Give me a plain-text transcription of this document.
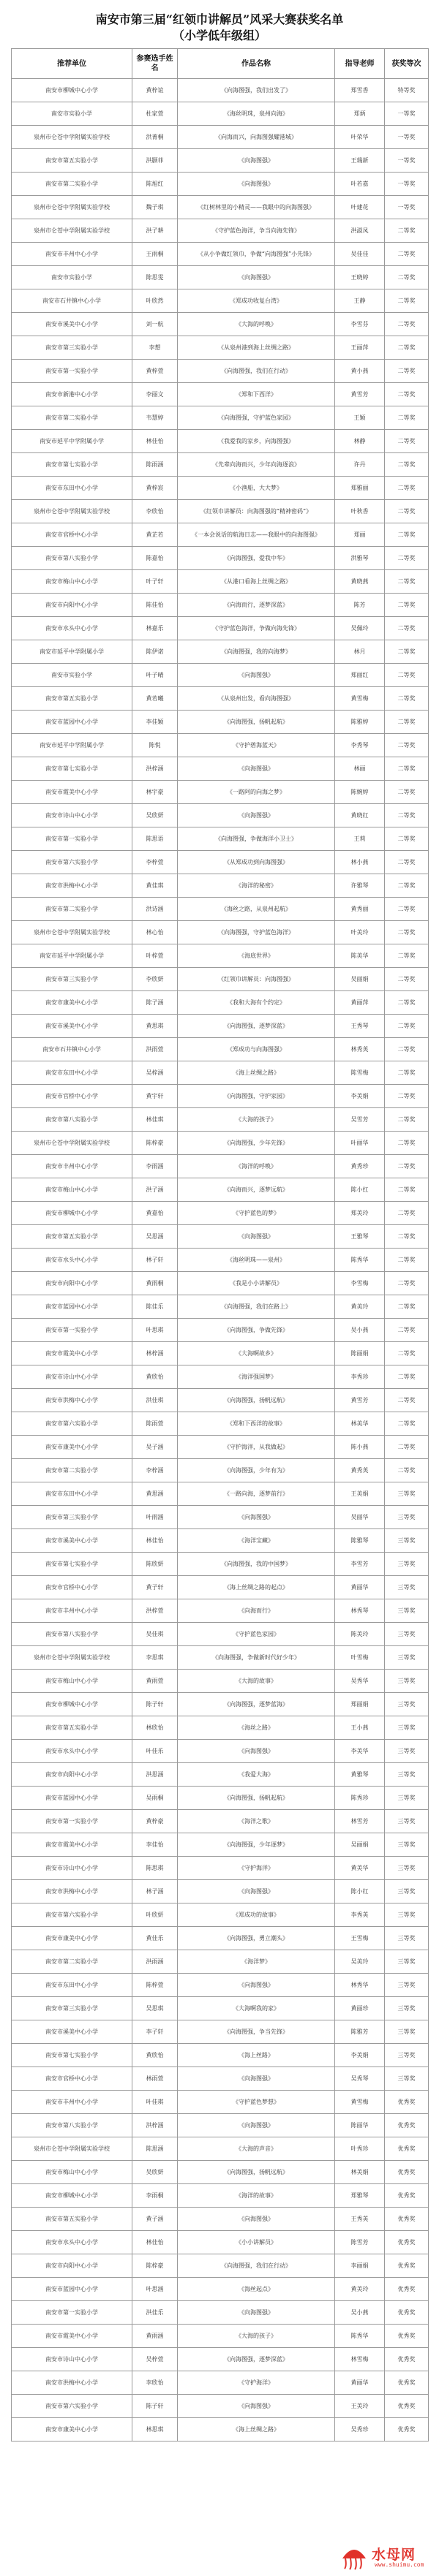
南安市第三届“红领巾讲解员”风采大赛获奖名单
（小学低年级组）
推荐单位	参赛选手姓名	作品名称	指导老师	获奖等次
南安市柳城中心小学	黄梓谊	《向海图强，我们出发了》	郑雪香	特等奖
南安市实验小学	杜家萱	《海丝明珠，泉州向海》	郑炳	一等奖
泉州市仑苍中学附属实验学校	洪菁桐	《向海而兴，向海图强耀港城》	叶荣华	一等奖
南安市第五实验小学	洪颢菲	《向海图强》	王瑞新	一等奖
南安市第二实验小学	陈旭红	《向海图强》	叶若嘉	一等奖
泉州市仑苍中学附属实验学校	魏子琪	《红树林里的小精灵——我眼中的向海图强》	叶建花	一等奖
泉州市仑苍中学附属实验学校	洪子耕	《守护蓝色海洋，争当向海先锋》	洪淑凤	二等奖
南安市丰州中心小学	王雨桐	《从小争做红领巾，争做“向海图强”小先锋》	吴佳佳	二等奖
南安市实验小学	陈思雯	《向海图强》	王晓婷	二等奖
南安市石井镇中心小学	叶欣然	《郑成功收复台湾》	王静	二等奖
南安市溪美中心小学	刘一航	《大海的呼唤》	李雪芬	二等奖
南安市第三实验小学	李想	《从泉州港到海上丝绸之路》	王丽萍	二等奖
南安市第一实验小学	黄梓萱	《向海图强，我们在行动》	黄小燕	二等奖
南安市新港中心小学	李丽文	《郑和下西洋》	黄雪芳	二等奖
南安市第二实验小学	韦慧婷	《向海图强，守护蓝色家园》	王颖	二等奖
南安市延平中学附属小学	林佳怡	《我爱我的家乡，向海图强》	林静	二等奖
南安市第七实验小学	陈雨涵	《先辈向海而兴，少年向海逐浪》	许丹	二等奖
南安市东田中心小学	黄梓宸	《小渔船，大大梦》	郑雅丽	二等奖
泉州市仑苍中学附属实验学校	李欣怡	《红领巾讲解员：向海图强的“精神密码”》	叶秋香	二等奖
南安市官桥中心小学	黄芷若	《一本会说话的航海日志——我眼中的向海图强》	郑丽	二等奖
南安市第八实验小学	陈嘉怡	《向海图强，爱我中华》	洪雅琴	二等奖
南安市梅山中心小学	叶子轩	《从港口看海上丝绸之路》	黄晓燕	二等奖
南安市向阳中心小学	陈佳怡	《向海而行，逐梦深蓝》	陈芳	二等奖
南安市水头中心小学	林嘉乐	《守护蓝色海洋，争做向海先锋》	吴佩玲	二等奖
南安市延平中学附属小学	陈伊诺	《向海图强，我的向海梦》	林月	二等奖
南安市实验小学	叶子晴	《向海图强》	郑丽红	二等奖
南安市第五实验小学	黄若曦	《从泉州出发，看向海图强》	黄雪梅	二等奖
南安市蓝园中心小学	李佳颖	《向海图强，扬帆起航》	陈雅婷	二等奖
南安市延平中学附属小学	陈悦	《守护碧海蓝天》	李秀琴	二等奖
南安市第七实验小学	洪梓涵	《向海图强》	林丽	二等奖
南安市霞美中心小学	林宇豪	《一路阿的向海之梦》	陈婉婷	二等奖
南安市诗山中心小学	吴欣妍	《向海图强》	黄晓红	二等奖
南安市第一实验小学	陈思语	《向海图强，争做海洋小卫士》	王莉	二等奖
南安市第六实验小学	李梓萱	《从郑成功到向海图强》	林小燕	二等奖
南安市洪梅中心小学	黄佳琪	《海洋的秘密》	许雅琴	二等奖
南安市第二实验小学	洪诗涵	《海丝之路，从泉州起航》	黄秀丽	二等奖
泉州市仑苍中学附属实验学校	林心怡	《向海图强，守护蓝色海洋》	叶美玲	二等奖
南安市延平中学附属小学	叶梓萱	《海底世界》	陈美华	二等奖
南安市第三实验小学	李欣妍	《红领巾讲解员：向海图强》	吴丽娟	二等奖
南安市康美中心小学	陈子涵	《我和大海有个约定》	黄丽萍	二等奖
南安市溪美中心小学	黄思琪	《向海图强，逐梦深蓝》	王秀琴	二等奖
南安市石井镇中心小学	洪雨萱	《郑成功与向海图强》	林秀英	二等奖
南安市东田中心小学	吴梓涵	《海上丝绸之路》	陈雪梅	二等奖
南安市官桥中心小学	黄宇轩	《向海图强，守护家园》	李美娟	二等奖
南安市第八实验小学	林佳琪	《大海的孩子》	吴雪芳	二等奖
泉州市仑苍中学附属实验学校	陈梓豪	《向海图强，少年先锋》	叶丽华	二等奖
南安市丰州中心小学	李雨涵	《海洋的呼唤》	黄秀珍	二等奖
南安市梅山中心小学	洪子涵	《向海而兴，逐梦远航》	陈小红	二等奖
南安市柳城中心小学	黄嘉怡	《守护蓝色的梦》	郑美玲	二等奖
南安市第五实验小学	吴思涵	《向海图强》	王雅琴	二等奖
南安市水头中心小学	林子轩	《海丝明珠——泉州》	陈秀华	二等奖
南安市向阳中心小学	黄雨桐	《我是小小讲解员》	李雪梅	二等奖
南安市蓝园中心小学	陈佳乐	《向海图强，我们在路上》	黄美玲	二等奖
南安市第一实验小学	叶思琪	《向海图强，争做先锋》	吴小燕	二等奖
南安市霞美中心小学	林梓涵	《大海啊故乡》	陈丽娟	二等奖
南安市诗山中心小学	黄欣怡	《海洋强国梦》	李秀珍	二等奖
南安市洪梅中心小学	洪佳琪	《向海图强，扬帆远航》	黄雪芳	二等奖
南安市第六实验小学	陈雨萱	《郑和下西洋的故事》	林美华	二等奖
南安市康美中心小学	吴子涵	《守护海洋，从我做起》	陈小燕	二等奖
南安市第二实验小学	李梓涵	《向海图强，少年有为》	黄秀英	二等奖
南安市东田中心小学	黄思涵	《一路向海，逐梦前行》	王美娟	三等奖
南安市第三实验小学	叶雨涵	《向海图强》	吴丽华	三等奖
南安市溪美中心小学	林佳怡	《海洋宝藏》	陈雅琴	三等奖
南安市第七实验小学	陈欣妍	《向海图强，我的中国梦》	李雪芳	三等奖
南安市官桥中心小学	黄子轩	《海上丝绸之路的起点》	黄丽华	三等奖
南安市丰州中心小学	洪梓萱	《向海而行》	林秀琴	三等奖
南安市第八实验小学	吴佳琪	《守护蓝色家园》	陈美玲	三等奖
泉州市仑苍中学附属实验学校	李思琪	《向海图强，争做新时代好少年》	叶雪梅	三等奖
南安市梅山中心小学	黄雨萱	《大海的故事》	吴秀华	三等奖
南安市柳城中心小学	陈子轩	《向海图强，逐梦蓝海》	郑丽娟	三等奖
南安市第五实验小学	林欣怡	《海丝之路》	王小燕	三等奖
南安市水头中心小学	叶佳乐	《向海图强》	李美华	三等奖
南安市向阳中心小学	洪思涵	《我爱大海》	黄雅琴	三等奖
南安市蓝园中心小学	吴雨桐	《向海图强，扬帆起航》	陈秀珍	三等奖
南安市第一实验小学	黄梓豪	《海洋之歌》	林雪芳	三等奖
南安市霞美中心小学	李佳怡	《向海图强，少年逐梦》	吴丽娟	三等奖
南安市诗山中心小学	陈思琪	《守护海洋》	黄美华	三等奖
南安市洪梅中心小学	林子涵	《向海图强》	陈小红	三等奖
南安市第六实验小学	叶欣妍	《郑成功的故事》	李秀英	三等奖
南安市康美中心小学	黄佳乐	《向海图强，勇立潮头》	王雪梅	三等奖
南安市第二实验小学	洪雨涵	《海洋梦》	吴美玲	三等奖
南安市东田中心小学	陈梓萱	《向海图强》	林秀华	三等奖
南安市第三实验小学	吴思琪	《大海啊我的家》	黄丽珍	三等奖
南安市溪美中心小学	李子轩	《向海图强，争当先锋》	陈雅芳	三等奖
南安市第七实验小学	黄欣怡	《海上丝路》	李美娟	三等奖
南安市官桥中心小学	林雨萱	《向海图强》	吴秀琴	三等奖
南安市丰州中心小学	叶佳琪	《守护蓝色梦想》	黄雪梅	优秀奖
南安市第八实验小学	洪梓涵	《向海图强》	陈丽华	优秀奖
泉州市仑苍中学附属实验学校	陈思涵	《大海的声音》	叶秀珍	优秀奖
南安市梅山中心小学	吴欣妍	《向海图强，扬帆远航》	林美娟	优秀奖
南安市柳城中心小学	李雨桐	《海洋的故事》	郑雅琴	优秀奖
南安市第五实验小学	黄子涵	《向海图强》	王秀英	优秀奖
南安市水头中心小学	林佳怡	《小小讲解员》	陈雪芳	优秀奖
南安市向阳中心小学	陈梓豪	《向海图强，我们在行动》	李丽娟	优秀奖
南安市蓝园中心小学	叶思涵	《海丝起点》	黄美玲	优秀奖
南安市第一实验小学	洪佳乐	《向海图强》	吴小燕	优秀奖
南安市霞美中心小学	黄雨涵	《大海的孩子》	陈秀华	优秀奖
南安市诗山中心小学	吴梓萱	《向海图强，逐梦深蓝》	林雪梅	优秀奖
南安市洪梅中心小学	李欣怡	《守护海洋》	黄丽华	优秀奖
南安市第六实验小学	陈子轩	《向海图强》	王美玲	优秀奖
南安市康美中心小学	林思琪	《海上丝绸之路》	吴秀珍	优秀奖
水母网
www.shuimu.com
